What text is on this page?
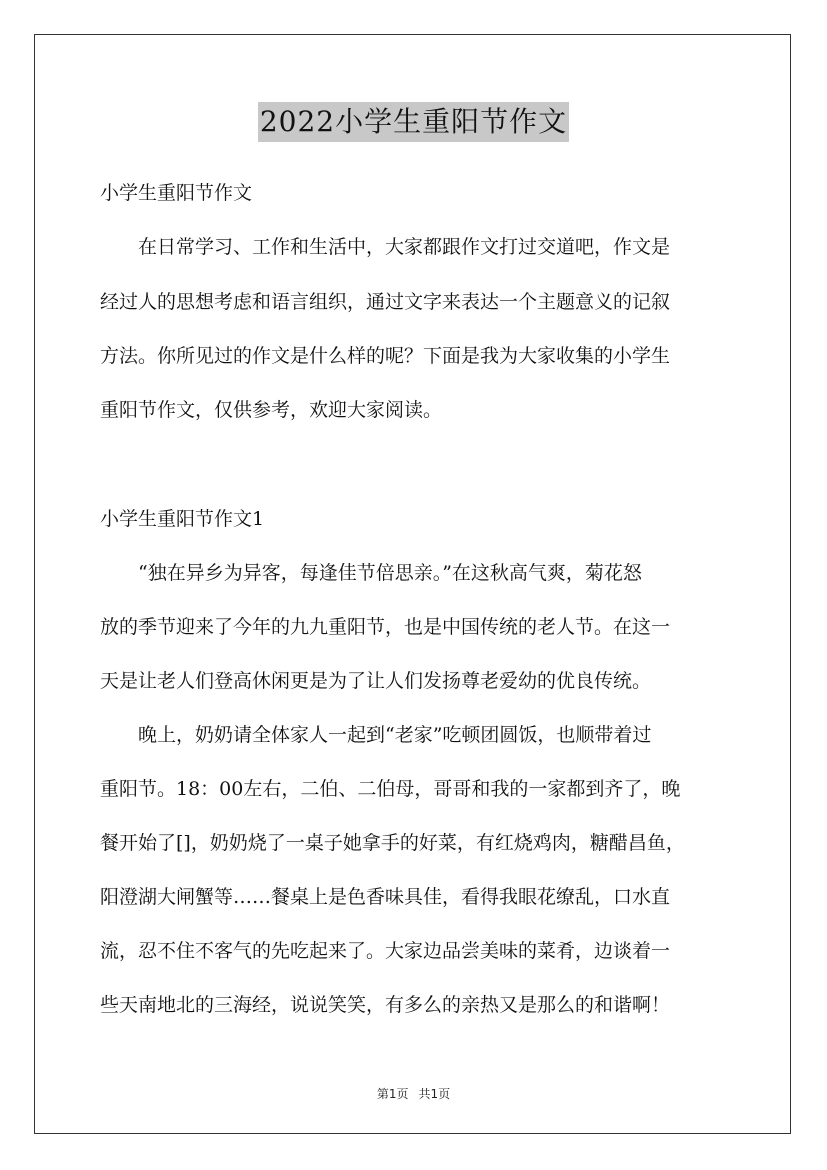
2022小学生重阳节作文
小学生重阳节作文
　　在日常学习、工作和生活中，大家都跟作文打过交道吧，作文是
经过人的思想考虑和语言组织，通过文字来表达一个主题意义的记叙
方法。你所见过的作文是什么样的呢？下面是我为大家收集的小学生
重阳节作文，仅供参考，欢迎大家阅读。
小学生重阳节作文1
　　“独在异乡为异客，每逢佳节倍思亲。”在这秋高气爽，菊花怒
放的季节迎来了今年的九九重阳节，也是中国传统的老人节。在这一
天是让老人们登高休闲更是为了让人们发扬尊老爱幼的优良传统。
　　晚上，奶奶请全体家人一起到“老家”吃顿团圆饭，也顺带着过
重阳节。18：00左右，二伯、二伯母，哥哥和我的一家都到齐了，晚
餐开始了[]，奶奶烧了一桌子她拿手的好菜，有红烧鸡肉，糖醋昌鱼，
阳澄湖大闸蟹等……餐桌上是色香味具佳，看得我眼花缭乱，口水直
流，忍不住不客气的先吃起来了。大家边品尝美味的菜肴，边谈着一
些天南地北的三海经，说说笑笑，有多么的亲热又是那么的和谐啊！
第1页 共1页
